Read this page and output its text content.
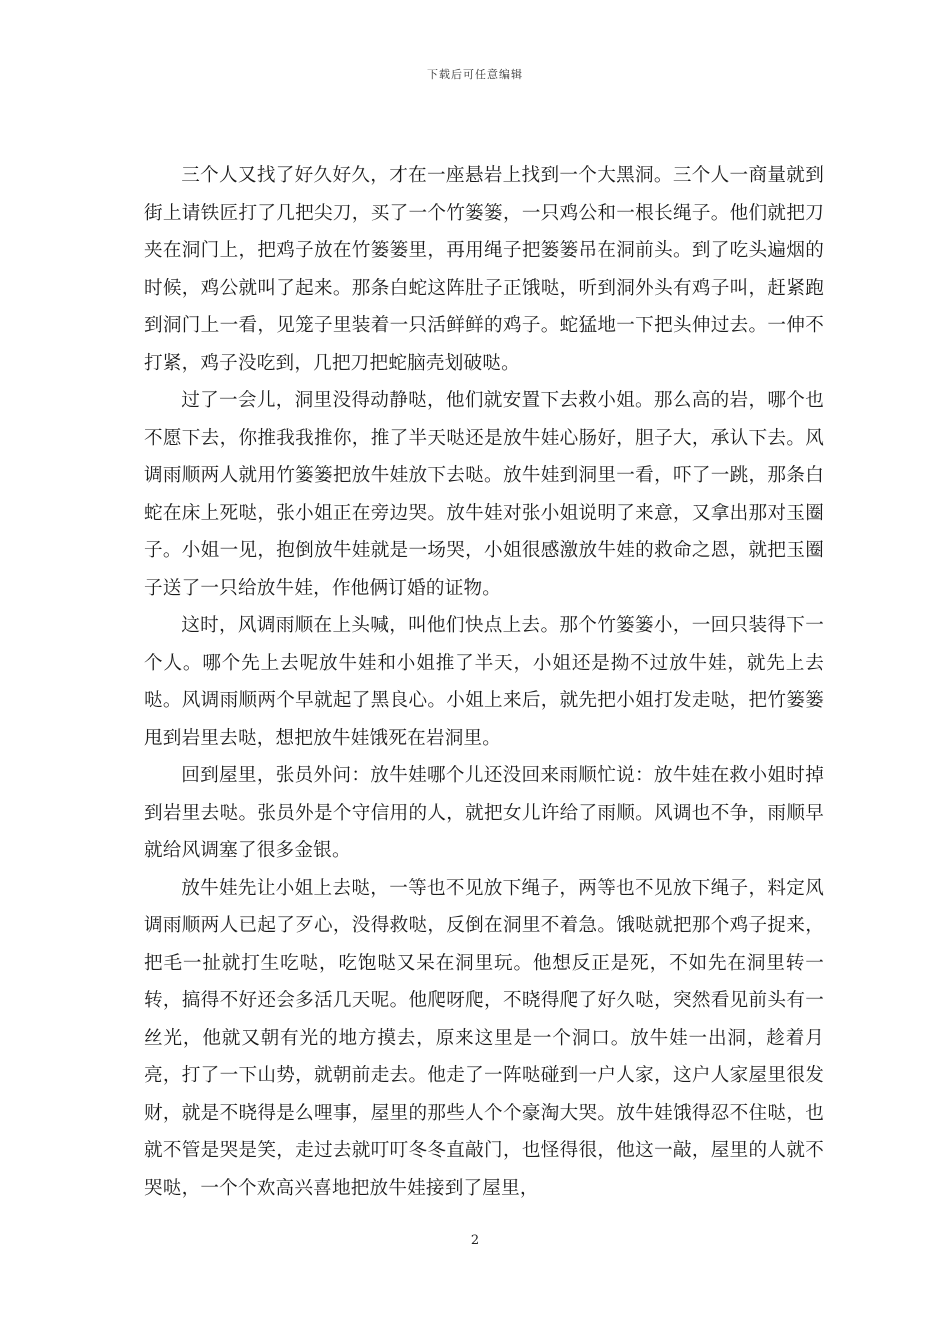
下载后可任意编辑

三个人又找了好久好久，才在一座悬岩上找到一个大黑洞。三个人一商量就到街上请铁匠打了几把尖刀，买了一个竹篓篓，一只鸡公和一根长绳子。他们就把刀夹在洞门上，把鸡子放在竹篓篓里，再用绳子把篓篓吊在洞前头。到了吃头遍烟的时候，鸡公就叫了起来。那条白蛇这阵肚子正饿哒，听到洞外头有鸡子叫，赶紧跑到洞门上一看，见笼子里装着一只活鲜鲜的鸡子。蛇猛地一下把头伸过去。一伸不打紧，鸡子没吃到，几把刀把蛇脑壳划破哒。

过了一会儿，洞里没得动静哒，他们就安置下去救小姐。那么高的岩，哪个也不愿下去，你推我我推你，推了半天哒还是放牛娃心肠好，胆子大，承认下去。风调雨顺两人就用竹篓篓把放牛娃放下去哒。放牛娃到洞里一看，吓了一跳，那条白蛇在床上死哒，张小姐正在旁边哭。放牛娃对张小姐说明了来意，又拿出那对玉圈子。小姐一见，抱倒放牛娃就是一场哭，小姐很感激放牛娃的救命之恩，就把玉圈子送了一只给放牛娃，作他俩订婚的证物。

这时，风调雨顺在上头喊，叫他们快点上去。那个竹篓篓小，一回只装得下一个人。哪个先上去呢放牛娃和小姐推了半天，小姐还是拗不过放牛娃，就先上去哒。风调雨顺两个早就起了黑良心。小姐上来后，就先把小姐打发走哒，把竹篓篓甩到岩里去哒，想把放牛娃饿死在岩洞里。

回到屋里，张员外问：放牛娃哪个儿还没回来雨顺忙说：放牛娃在救小姐时掉到岩里去哒。张员外是个守信用的人，就把女儿许给了雨顺。风调也不争，雨顺早就给风调塞了很多金银。

放牛娃先让小姐上去哒，一等也不见放下绳子，两等也不见放下绳子，料定风调雨顺两人已起了歹心，没得救哒，反倒在洞里不着急。饿哒就把那个鸡子捉来，把毛一扯就打生吃哒，吃饱哒又呆在洞里玩。他想反正是死，不如先在洞里转一转，搞得不好还会多活几天呢。他爬呀爬，不晓得爬了好久哒，突然看见前头有一丝光，他就又朝有光的地方摸去，原来这里是一个洞口。放牛娃一出洞，趁着月亮，打了一下山势，就朝前走去。他走了一阵哒碰到一户人家，这户人家屋里很发财，就是不晓得是么哩事，屋里的那些人个个豪淘大哭。放牛娃饿得忍不住哒，也就不管是哭是笑，走过去就叮叮冬冬直敲门，也怪得很，他这一敲，屋里的人就不哭哒，一个个欢高兴喜地把放牛娃接到了屋里，

2
